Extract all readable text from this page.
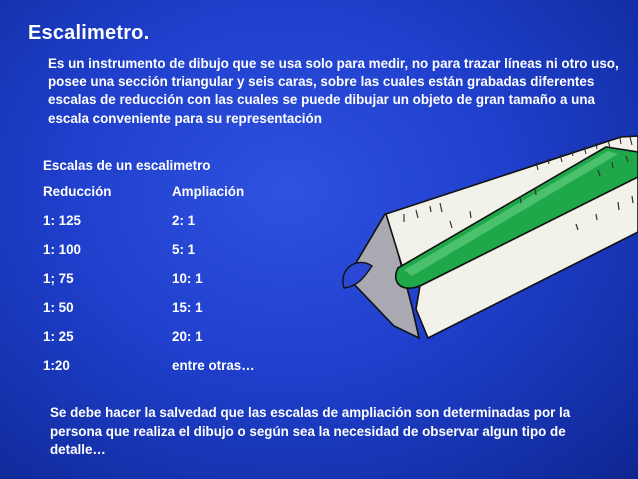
Escalimetro.
Es un instrumento de dibujo que se usa solo para medir, no para trazar líneas ni otro uso, posee una sección triangular y seis caras, sobre las cuales están grabadas diferentes escalas de reducción con las cuales se puede dibujar un objeto de gran tamaño a una escala conveniente para su representación
Escalas de un escalimetro
Reducción	Ampliación
1: 125	2: 1
1: 100	5: 1
1; 75	10: 1
1: 50	15: 1
1: 25	20: 1
1:20	entre otras…
Se debe hacer la salvedad que las escalas de ampliación son determinadas por la persona que realiza el dibujo o según sea la necesidad de observar algun tipo de detalle…
